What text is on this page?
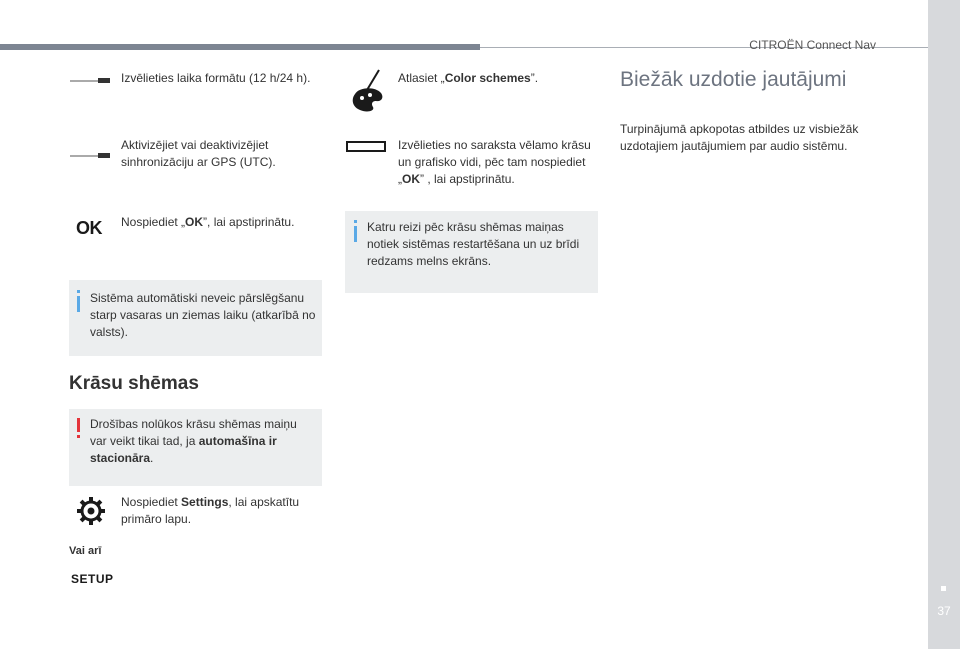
CITROËN Connect Nav
37
Izvēlieties laika formātu (12 h/24 h).
Aktivizējiet vai deaktivizējiet sinhronizāciju ar GPS (UTC).
OK Nospiediet „OK”, lai apstiprinātu.
Sistēma automātiski neveic pārslēgšanu starp vasaras un ziemas laiku (atkarībā no valsts).
Krāsu shēmas
Drošības nolūkos krāsu shēmas maiņu var veikt tikai tad, ja automašīna ir stacionāra.
Nospiediet Settings, lai apskatītu primāro lapu.
Vai arī
SETUP
Atlasiet „Color schemes”.
Izvēlieties no saraksta vēlamo krāsu un grafisko vidi, pēc tam nospiediet „OK” , lai apstiprinātu.
Katru reizi pēc krāsu shēmas maiņas notiek sistēmas restartēšana un uz brīdi redzams melns ekrāns.
Biežāk uzdotie jautājumi
Turpinājumā apkopotas atbildes uz visbiežāk uzdotajiem jautājumiem par audio sistēmu.
